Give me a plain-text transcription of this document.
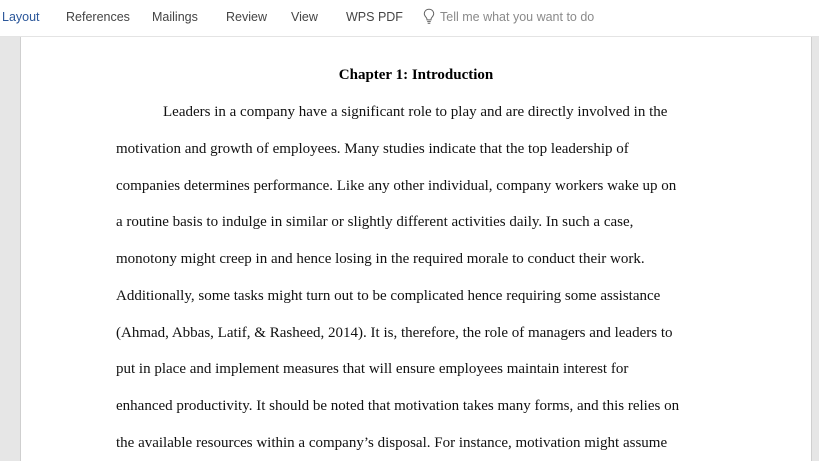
Layout References Mailings Review View WPS PDF	Tell me what you want to do
Chapter 1: Introduction
Leaders in a company have a significant role to play and are directly involved in the
motivation and growth of employees. Many studies indicate that the top leadership of
companies determines performance. Like any other individual, company workers wake up on
a routine basis to indulge in similar or slightly different activities daily. In such a case,
monotony might creep in and hence losing in the required morale to conduct their work.
Additionally, some tasks might turn out to be complicated hence requiring some assistance
(Ahmad, Abbas, Latif, & Rasheed, 2014). It is, therefore, the role of managers and leaders to
put in place and implement measures that will ensure employees maintain interest for
enhanced productivity. It should be noted that motivation takes many forms, and this relies on
the available resources within a company’s disposal. For instance, motivation might assume
